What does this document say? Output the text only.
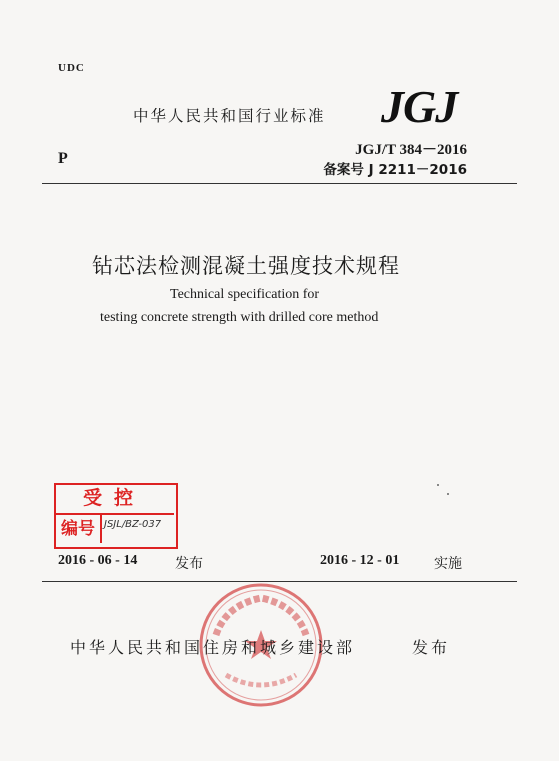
UDC
P
中华人民共和国行业标准 JGJ
JGJ/T 384－2016
备案号 J 2211－2016
钻芯法检测混凝土强度技术规程
Technical specification for
testing concrete strength with drilled core method
受控
编号 JSJL/BZ-037
2016 - 06 - 14	发布	2016 - 12 - 01 实施
中华人民共和国住房和城乡建设部	发布
